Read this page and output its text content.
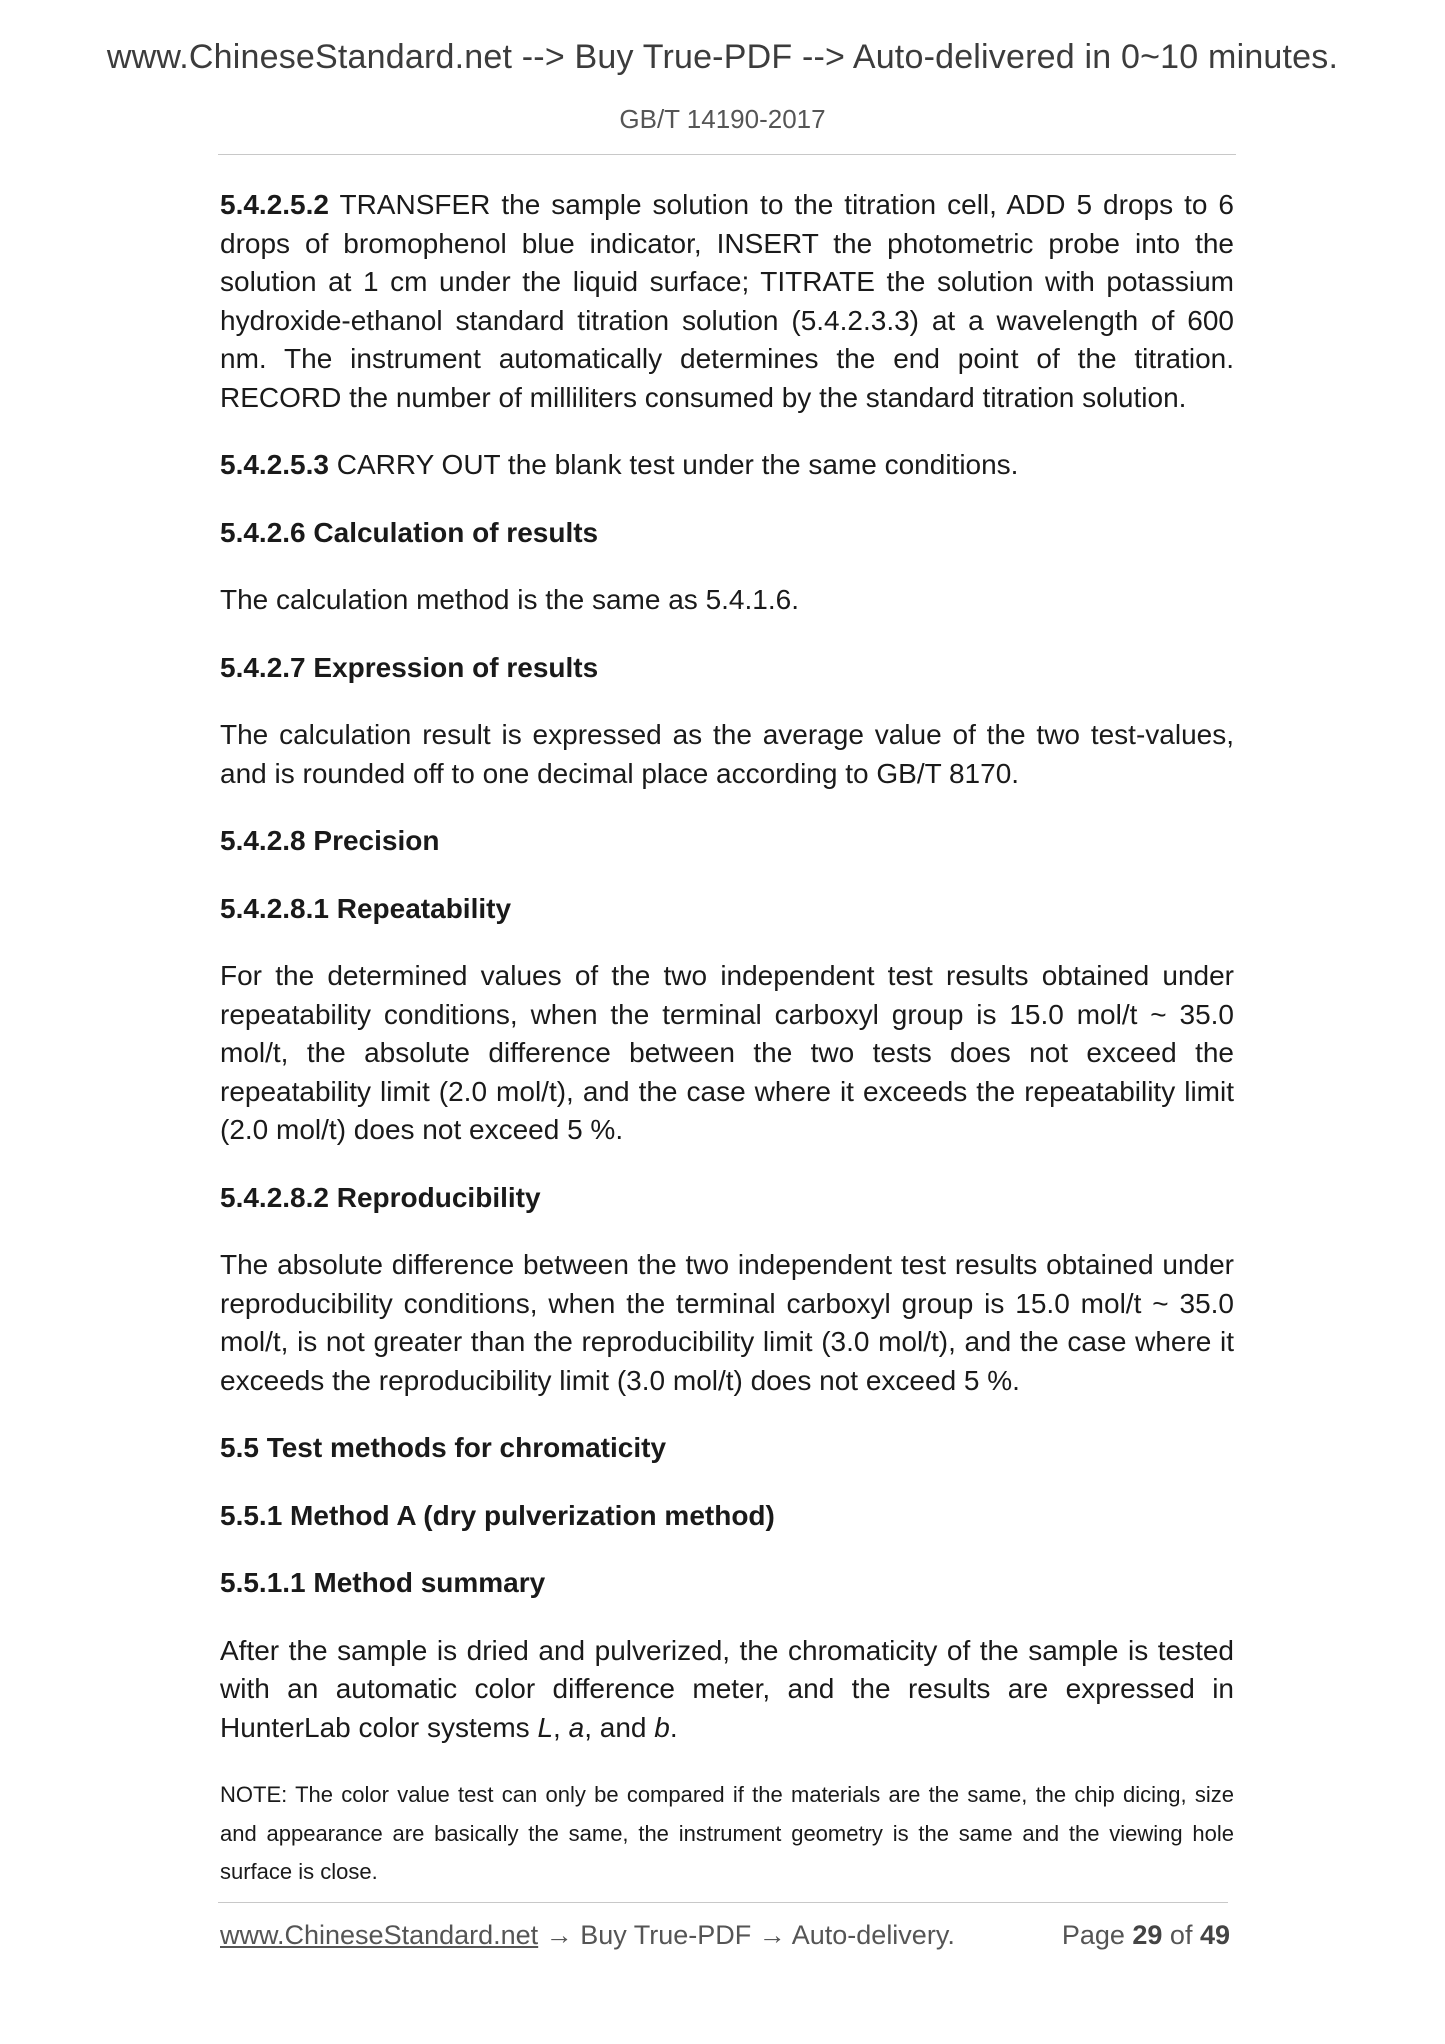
www.ChineseStandard.net --> Buy True-PDF --> Auto-delivered in 0~10 minutes.
GB/T 14190-2017

5.4.2.5.2 TRANSFER the sample solution to the titration cell, ADD 5 drops to 6 drops of bromophenol blue indicator, INSERT the photometric probe into the solution at 1 cm under the liquid surface; TITRATE the solution with potassium hydroxide-ethanol standard titration solution (5.4.2.3.3) at a wavelength of 600 nm. The instrument automatically determines the end point of the titration. RECORD the number of milliliters consumed by the standard titration solution.

5.4.2.5.3 CARRY OUT the blank test under the same conditions.

5.4.2.6 Calculation of results

The calculation method is the same as 5.4.1.6.

5.4.2.7 Expression of results

The calculation result is expressed as the average value of the two test-values, and is rounded off to one decimal place according to GB/T 8170.

5.4.2.8 Precision
5.4.2.8.1 Repeatability

For the determined values of the two independent test results obtained under repeatability conditions, when the terminal carboxyl group is 15.0 mol/t ~ 35.0 mol/t, the absolute difference between the two tests does not exceed the repeatability limit (2.0 mol/t), and the case where it exceeds the repeatability limit (2.0 mol/t) does not exceed 5 %.

5.4.2.8.2 Reproducibility

The absolute difference between the two independent test results obtained under reproducibility conditions, when the terminal carboxyl group is 15.0 mol/t ~ 35.0 mol/t, is not greater than the reproducibility limit (3.0 mol/t), and the case where it exceeds the reproducibility limit (3.0 mol/t) does not exceed 5 %.

5.5 Test methods for chromaticity
5.5.1 Method A (dry pulverization method)
5.5.1.1 Method summary

After the sample is dried and pulverized, the chromaticity of the sample is tested with an automatic color difference meter, and the results are expressed in HunterLab color systems L, a, and b.

NOTE: The color value test can only be compared if the materials are the same, the chip dicing, size and appearance are basically the same, the instrument geometry is the same and the viewing hole surface is close.

www.ChineseStandard.net → Buy True-PDF → Auto-delivery.	Page 29 of 49
